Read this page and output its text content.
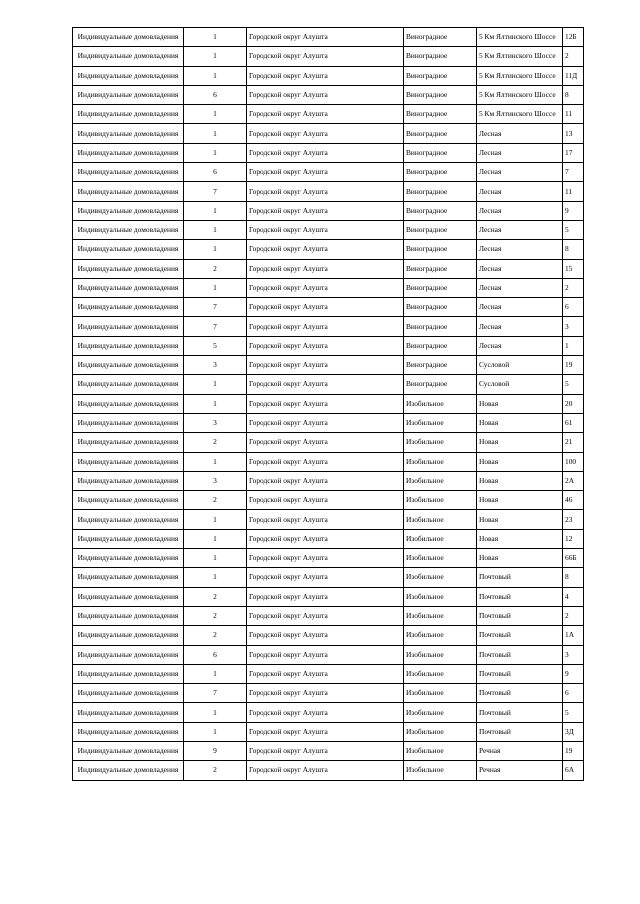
Индивидуальные домовладения	1	Городской округ Алушта	Виноградное	5 Км Ялтинского Шоссе	12Б
Индивидуальные домовладения	1	Городской округ Алушта	Виноградное	5 Км Ялтинского Шоссе	2
Индивидуальные домовладения	1	Городской округ Алушта	Виноградное	5 Км Ялтинского Шоссе	11Д
Индивидуальные домовладения	6	Городской округ Алушта	Виноградное	5 Км Ялтинского Шоссе	8
Индивидуальные домовладения	1	Городской округ Алушта	Виноградное	5 Км Ялтинского Шоссе	11
Индивидуальные домовладения	1	Городской округ Алушта	Виноградное	Лесная	13
Индивидуальные домовладения	1	Городской округ Алушта	Виноградное	Лесная	17
Индивидуальные домовладения	6	Городской округ Алушта	Виноградное	Лесная	7
Индивидуальные домовладения	7	Городской округ Алушта	Виноградное	Лесная	11
Индивидуальные домовладения	1	Городской округ Алушта	Виноградное	Лесная	9
Индивидуальные домовладения	1	Городской округ Алушта	Виноградное	Лесная	5
Индивидуальные домовладения	1	Городской округ Алушта	Виноградное	Лесная	8
Индивидуальные домовладения	2	Городской округ Алушта	Виноградное	Лесная	15
Индивидуальные домовладения	1	Городской округ Алушта	Виноградное	Лесная	2
Индивидуальные домовладения	7	Городской округ Алушта	Виноградное	Лесная	6
Индивидуальные домовладения	7	Городской округ Алушта	Виноградное	Лесная	3
Индивидуальные домовладения	5	Городской округ Алушта	Виноградное	Лесная	1
Индивидуальные домовладения	3	Городской округ Алушта	Виноградное	Сусловой	19
Индивидуальные домовладения	1	Городской округ Алушта	Виноградное	Сусловой	5
Индивидуальные домовладения	1	Городской округ Алушта	Изобильное	Новая	20
Индивидуальные домовладения	3	Городской округ Алушта	Изобильное	Новая	61
Индивидуальные домовладения	2	Городской округ Алушта	Изобильное	Новая	21
Индивидуальные домовладения	1	Городской округ Алушта	Изобильное	Новая	100
Индивидуальные домовладения	3	Городской округ Алушта	Изобильное	Новая	2А
Индивидуальные домовладения	2	Городской округ Алушта	Изобильное	Новая	46
Индивидуальные домовладения	1	Городской округ Алушта	Изобильное	Новая	23
Индивидуальные домовладения	1	Городской округ Алушта	Изобильное	Новая	12
Индивидуальные домовладения	1	Городской округ Алушта	Изобильное	Новая	66Б
Индивидуальные домовладения	1	Городской округ Алушта	Изобильное	Почтовый	8
Индивидуальные домовладения	2	Городской округ Алушта	Изобильное	Почтовый	4
Индивидуальные домовладения	2	Городской округ Алушта	Изобильное	Почтовый	2
Индивидуальные домовладения	2	Городской округ Алушта	Изобильное	Почтовый	1А
Индивидуальные домовладения	6	Городской округ Алушта	Изобильное	Почтовый	3
Индивидуальные домовладения	1	Городской округ Алушта	Изобильное	Почтовый	9
Индивидуальные домовладения	7	Городской округ Алушта	Изобильное	Почтовый	6
Индивидуальные домовладения	1	Городской округ Алушта	Изобильное	Почтовый	5
Индивидуальные домовладения	1	Городской округ Алушта	Изобильное	Почтовый	3Д
Индивидуальные домовладения	9	Городской округ Алушта	Изобильное	Речная	19
Индивидуальные домовладения	2	Городской округ Алушта	Изобильное	Речная	6А
